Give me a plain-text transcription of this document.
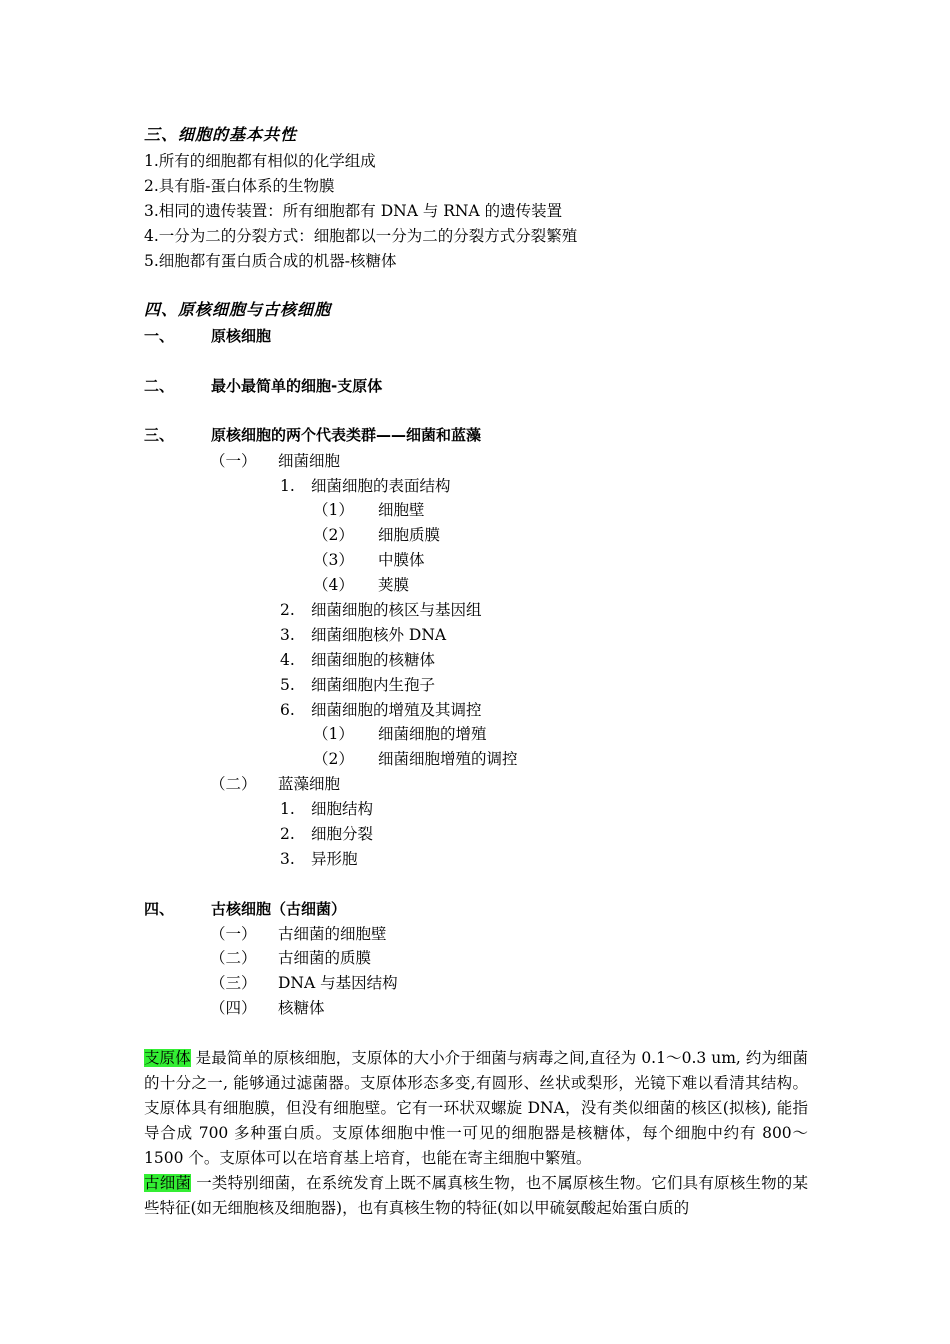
三、细胞的基本共性
1.所有的细胞都有相似的化学组成
2.具有脂-蛋白体系的生物膜
3.相同的遗传装置：所有细胞都有 DNA 与 RNA 的遗传装置
4.一分为二的分裂方式：细胞都以一分为二的分裂方式分裂繁殖
5.细胞都有蛋白质合成的机器-核糖体
四、原核细胞与古核细胞
一、 原核细胞
二、 最小最简单的细胞-支原体
三、 原核细胞的两个代表类群——细菌和蓝藻
（一） 细菌细胞
1. 细菌细胞的表面结构
（1） 细胞壁
（2） 细胞质膜
（3） 中膜体
（4） 荚膜
2. 细菌细胞的核区与基因组
3. 细菌细胞核外 DNA
4. 细菌细胞的核糖体
5. 细菌细胞内生孢子
6. 细菌细胞的增殖及其调控
（1） 细菌细胞的增殖
（2） 细菌细胞增殖的调控
（二） 蓝藻细胞
1. 细胞结构
2. 细胞分裂
3. 异形胞
四、 古核细胞（古细菌）
（一） 古细菌的细胞壁
（二） 古细菌的质膜
（三） DNA 与基因结构
（四） 核糖体
支原体 是最简单的原核细胞，支原体的大小介于细菌与病毒之间,直径为 0.1～0.3 um, 约为细菌的十分之一, 能够通过滤菌器。支原体形态多变,有圆形、丝状或梨形，光镜下难以看清其结构。支原体具有细胞膜，但没有细胞壁。它有一环状双螺旋 DNA，没有类似细菌的核区(拟核), 能指导合成 700 多种蛋白质。支原体细胞中惟一可见的细胞器是核糖体，每个细胞中约有 800～1500 个。支原体可以在培育基上培育，也能在寄主细胞中繁殖。
古细菌 一类特别细菌，在系统发育上既不属真核生物，也不属原核生物。它们具有原核生物的某些特征(如无细胞核及细胞器)，也有真核生物的特征(如以甲硫氨酸起始蛋白质的
